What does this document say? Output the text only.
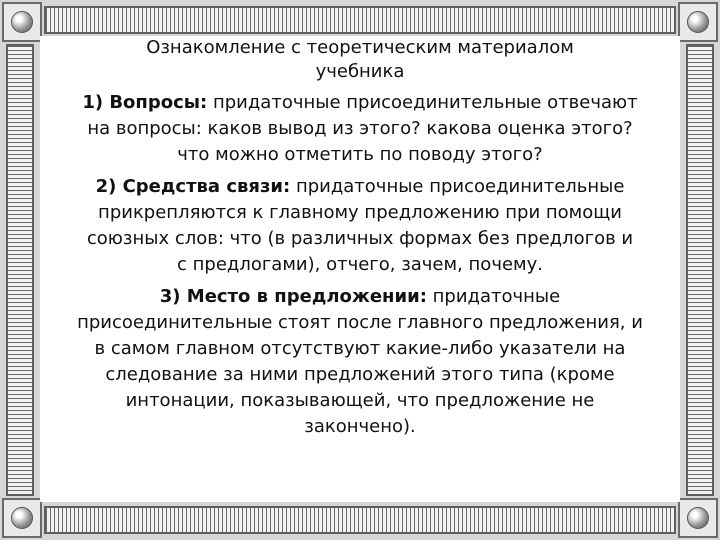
Ознакомление с теоретическим материалом учебника
1) Вопросы: придаточные присоединительные отвечают на вопросы: каков вывод из этого? какова оценка этого? что можно отметить по поводу этого?
2) Средства связи: придаточные присоединительные прикрепляются к главному предложению при помощи союзных слов: что (в различных формах без предлогов и с предлогами), отчего, зачем, почему.
3) Место в предложении: придаточные присоединительные стоят после главного предложения, и в самом главном отсутствуют какие-либо указатели на следование за ними предложений этого типа (кроме интонации, показывающей, что предложение не закончено).
